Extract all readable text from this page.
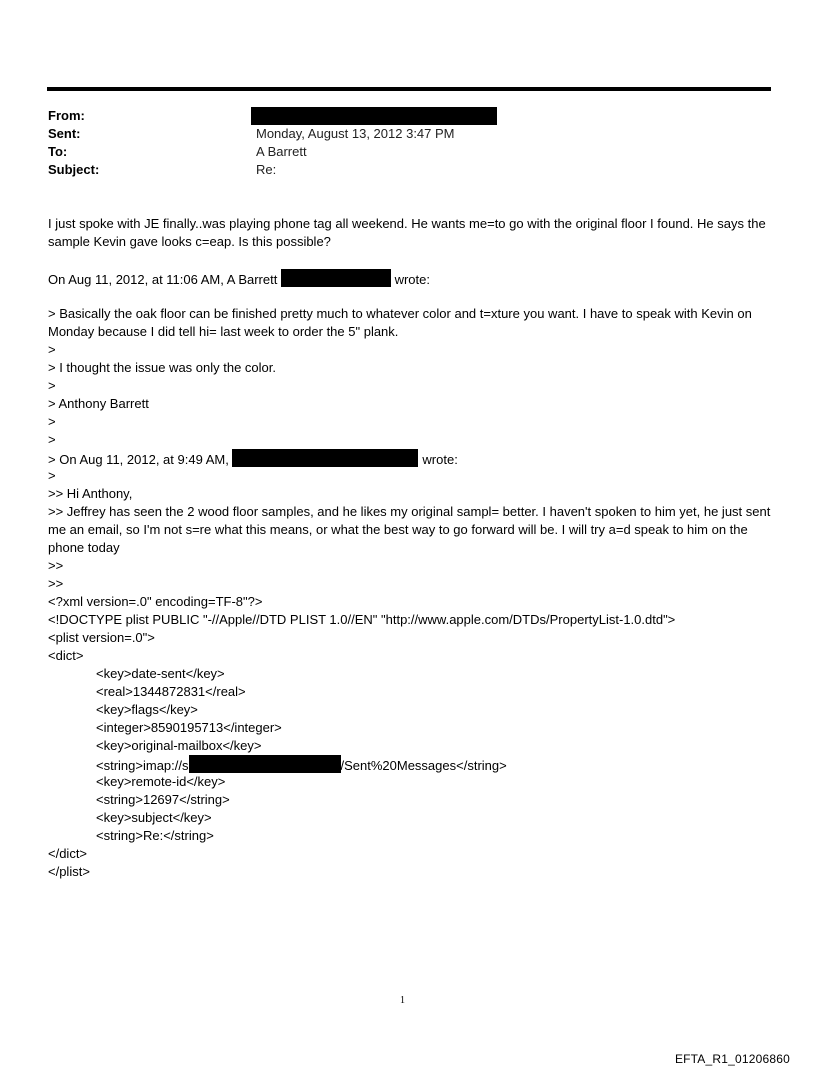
From:
Sent:	Monday, August 13, 2012 3:47 PM
To:	A Barrett
Subject:	Re:
I just spoke with JE finally..was playing phone tag all weekend. He wants me=to go with the original floor I found. He says the sample Kevin gave looks c=eap. Is this possible?
On Aug 11, 2012, at 11:06 AM, A Barrett	wrote:
> Basically the oak floor can be finished pretty much to whatever color and t=xture you want. I have to speak with Kevin on Monday because I did tell hi= last week to order the 5" plank.
>
> I thought the issue was only the color.
>
> Anthony Barrett
>
>
> On Aug 11, 2012, at 9:49 AM,	wrote:
>
>> Hi Anthony,
>> Jeffrey has seen the 2 wood floor samples, and he likes my original sampl= better. I haven't spoken to him yet, he just sent me an email, so I'm not s=re what this means, or what the best way to go forward will be. I will try a=d speak to him on the phone today
>>
>>
<?xml version=.0" encoding=TF-8"?>
<!DOCTYPE plist PUBLIC "-//Apple//DTD PLIST 1.0//EN" "http://www.apple.com/DTDs/PropertyList-1.0.dtd">
<plist version=.0">
<dict>
<key>date-sent</key>
<real>1344872831</real>
<key>flags</key>
<integer>8590195713</integer>
<key>original-mailbox</key>
<string>imap://s	/Sent%20Messages</string>
<key>remote-id</key>
<string>12697</string>
<key>subject</key>
<string>Re:</string>
</dict>
</plist>
1
EFTA_R1_01206860
